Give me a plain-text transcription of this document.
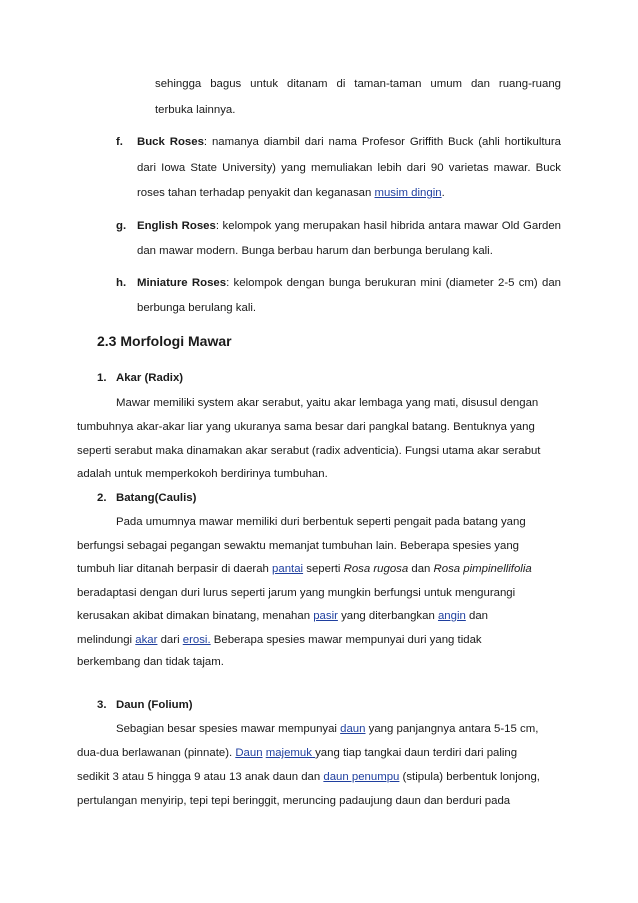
sehingga bagus untuk ditanam di taman-taman umum dan ruang-ruang
terbuka lainnya.
f. Buck Roses: namanya diambil dari nama Profesor Griffith Buck (ahli hortikultura
dari Iowa State University) yang memuliakan lebih dari 90 varietas mawar. Buck
roses tahan terhadap penyakit dan keganasan musim dingin.
g. English Roses: kelompok yang merupakan hasil hibrida antara mawar Old Garden
dan mawar modern. Bunga berbau harum dan berbunga berulang kali.
h. Miniature Roses: kelompok dengan bunga berukuran mini (diameter 2-5 cm) dan
berbunga berulang kali.
2.3 Morfologi Mawar
1. Akar (Radix)
Mawar memiliki system akar serabut, yaitu akar lembaga yang mati, disusul dengan
tumbuhnya akar-akar liar yang ukuranya sama besar dari pangkal batang. Bentuknya yang
seperti serabut maka dinamakan akar serabut (radix adventicia). Fungsi utama akar serabut
adalah untuk memperkokoh berdirinya tumbuhan.
2. Batang(Caulis)
Pada umumnya mawar memiliki duri berbentuk seperti pengait pada batang yang
berfungsi sebagai pegangan sewaktu memanjat tumbuhan lain. Beberapa spesies yang
tumbuh liar ditanah berpasir di daerah pantai seperti Rosa rugosa dan Rosa pimpinellifolia
beradaptasi dengan duri lurus seperti jarum yang mungkin berfungsi untuk mengurangi
kerusakan akibat dimakan binatang, menahan pasir yang diterbangkan angin dan
melindungi akar dari erosi. Beberapa spesies mawar mempunyai duri yang tidak
berkembang dan tidak tajam.
3. Daun (Folium)
Sebagian besar spesies mawar mempunyai daun yang panjangnya antara 5-15 cm,
dua-dua berlawanan (pinnate). Daun majemuk yang tiap tangkai daun terdiri dari paling
sedikit 3 atau 5 hingga 9 atau 13 anak daun dan daun penumpu (stipula) berbentuk lonjong,
pertulangan menyirip, tepi tepi beringgit, meruncing padaujung daun dan berduri pada
